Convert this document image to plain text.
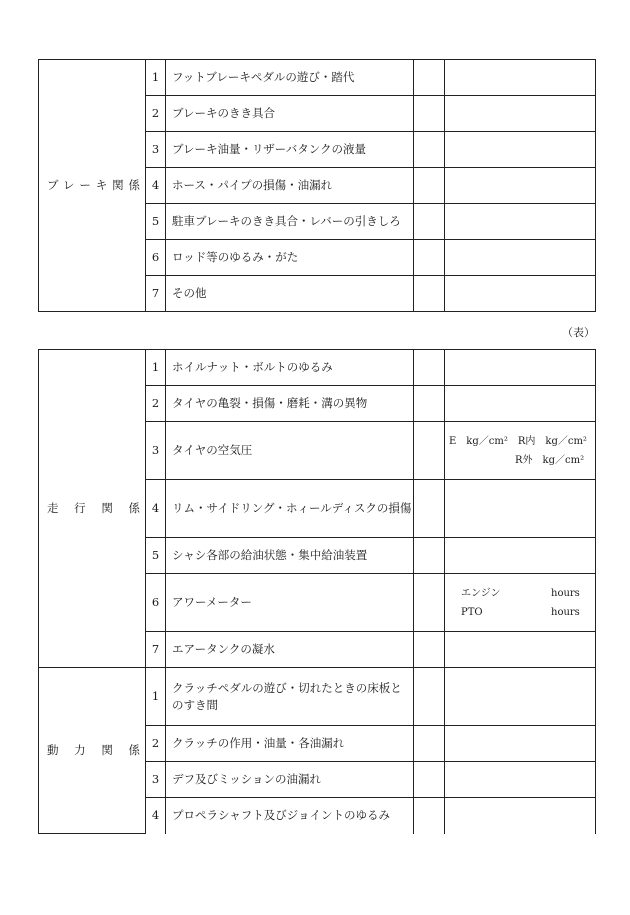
ブレーキ関係	1	フットブレーキペダルの遊び・踏代		
	2	ブレーキのきき具合		
	3	ブレーキ油量・リザーバタンクの液量		
	4	ホース・パイプの損傷・油漏れ		
	5	駐車ブレーキのきき具合・レバーの引きしろ		
	6	ロッド等のゆるみ・がた		
	7	その他		
（表）
走行関係	1	ホイルナット・ボルトのゆるみ		
	2	タイヤの亀裂・損傷・磨耗・溝の異物		
	3	タイヤの空気圧		E　kg／cm²　R内　kg／cm²
R外　kg／cm²

	4	リム・サイドリング・ホィールディスクの損傷		
	5	シャシ各部の給油状態・集中給油装置		
	6	アワーメーター		エンジン hours
PTO hours

	7	エアータンクの凝水		
動力関係	1	クラッチペダルの遊び・切れたときの床板とのすき間		
	2	クラッチの作用・油量・各油漏れ		
	3	デフ及びミッションの油漏れ		
	4	プロペラシャフト及びジョイントのゆるみ		
